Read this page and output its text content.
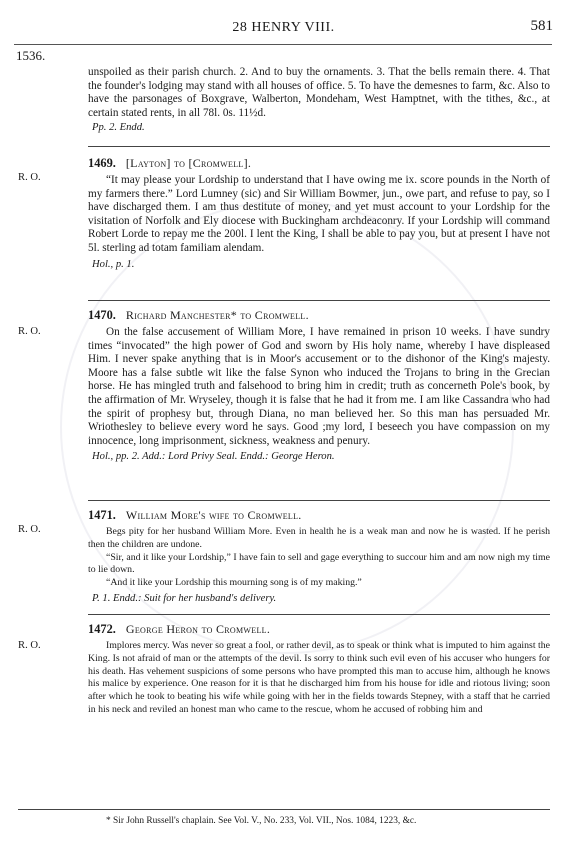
28 HENRY VIII.	581
1536.

unspoiled as their parish church. 2. And to buy the ornaments. 3. That the bells remain there. 4. That the founder's lodging may stand with all houses of office. 5. To have the demesnes to farm, &c. Also to have the parsonages of Boxgrave, Walberton, Mondeham, West Hamptnet, with the tithes, &c., at certain stated rents, in all 78l. 0s. 11½d.

Pp. 2. Endd.

1469. [Layton] to [Cromwell].

“It may please your Lordship to understand that I have owing me ix. score pounds in the North of my farmers there.” Lord Lumney (sic) and Sir William Bowmer, jun., owe part, and refuse to pay, so I have discharged them. I am thus destitute of money, and yet must account to your Lordship for the visitation of Norfolk and Ely diocese with Buckingham archdeaconry. If your Lordship will command Robert Lorde to repay me the 200l. I lent the King, I shall be able to pay you, but at present I have not 5l. sterling ad totam familiam alendam.

Hol., p. 1.

R. O.

1470. Richard Manchester* to Cromwell.

On the false accusement of William More, I have remained in prison 10 weeks. I have sundry times “invocated” the high power of God and sworn by His holy name, whereby I have displeased Him. I never spake anything that is in Moor's accusement or to the dishonor of the King's majesty. Moore has a false subtle wit like the false Synon who induced the Trojans to bring in the Grecian horse. He has mingled truth and falsehood to bring him in credit; truth as concerneth Pole's book, by the affirmation of Mr. Wryseley, though it is false that he had it from me. I am like Cassandra who had the spirit of prophesy but, through Diana, no man believed her. So this man has persuaded Mr. Wriothesley to believe every word he says. Good ;my lord, I beseech you have compassion on my innocence, long imprisonment, sickness, weakness and penury.

Hol., pp. 2. Add.: Lord Privy Seal. Endd.: George Heron.

R. O.

1471. William More's wife to Cromwell.

Begs pity for her husband William More. Even in health he is a weak man and now he is wasted. If he perish then the children are undone.

“Sir, and it like your Lordship,” I have fain to sell and gage everything to succour him and am now nigh my time to lie down.

“And it like your Lordship this mourning song is of my making.”

P. 1. Endd.: Suit for her husband's delivery.

R. O.

1472. George Heron to Cromwell.

Implores mercy. Was never so great a fool, or rather devil, as to speak or think what is imputed to him against the King. Is not afraid of man or the attempts of the devil. Is sorry to think such evil even of his accuser who hungers for his death. Has vehement suspicions of some persons who have prompted this man to accuse him, although he knows his malice by experience. One reason for it is that he discharged him from his house for idle and riotous living; soon after which he took to beating his wife while going with her in the fields towards Stepney, with a staff that he carried in his neck and reviled an honest man who came to the rescue, whom he accused of robbing him and

R. O.
* Sir John Russell's chaplain. See Vol. V., No. 233, Vol. VII., Nos. 1084, 1223, &c.
